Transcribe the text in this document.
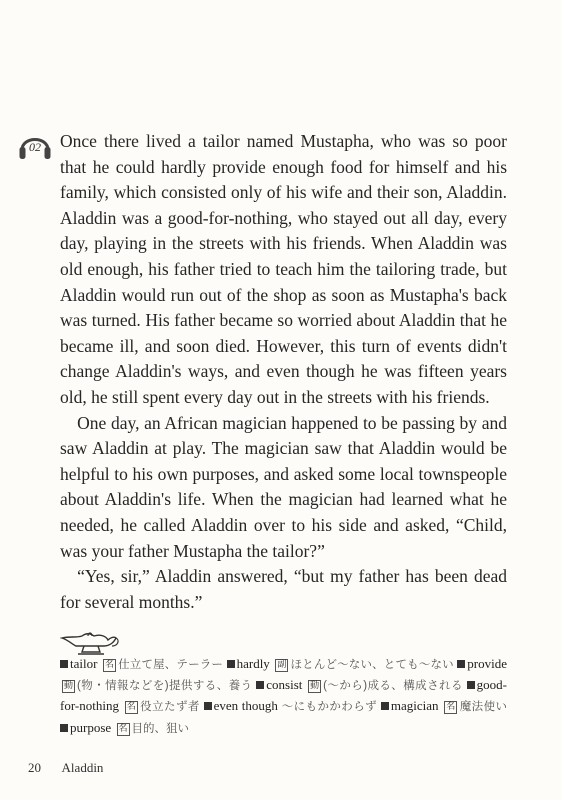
02 Once there lived a tailor named Mustapha, who was so poor that he could hardly provide enough food for himself and his family, which consisted only of his wife and their son, Aladdin. Aladdin was a good-for-nothing, who stayed out all day, every day, playing in the streets with his friends. When Aladdin was old enough, his father tried to teach him the tailoring trade, but Aladdin would run out of the shop as soon as Mustapha's back was turned. His father became so worried about Aladdin that he became ill, and soon died. However, this turn of events didn't change Aladdin's ways, and even though he was fifteen years old, he still spent every day out in the streets with his friends.

One day, an African magician happened to be passing by and saw Aladdin at play. The magician saw that Aladdin would be helpful to his own purposes, and asked some local townspeople about Aladdin's life. When the magician had learned what he needed, he called Aladdin over to his side and asked, “Child, was your father Mustapha the tailor?”

“Yes, sir,” Aladdin answered, “but my father has been dead for several months.”

tailor 名 仕立て屋、テーラー hardly 副 ほとんど〜ない、とても〜ない provide 動 (物・情報などを)提供する、養う consist 動 (〜から)成る、構成される good-for-nothing 名 役立たず者 even though 〜にもかかわらず magician 名 魔法使い purpose 名 目的、狙い
20 Aladdin
